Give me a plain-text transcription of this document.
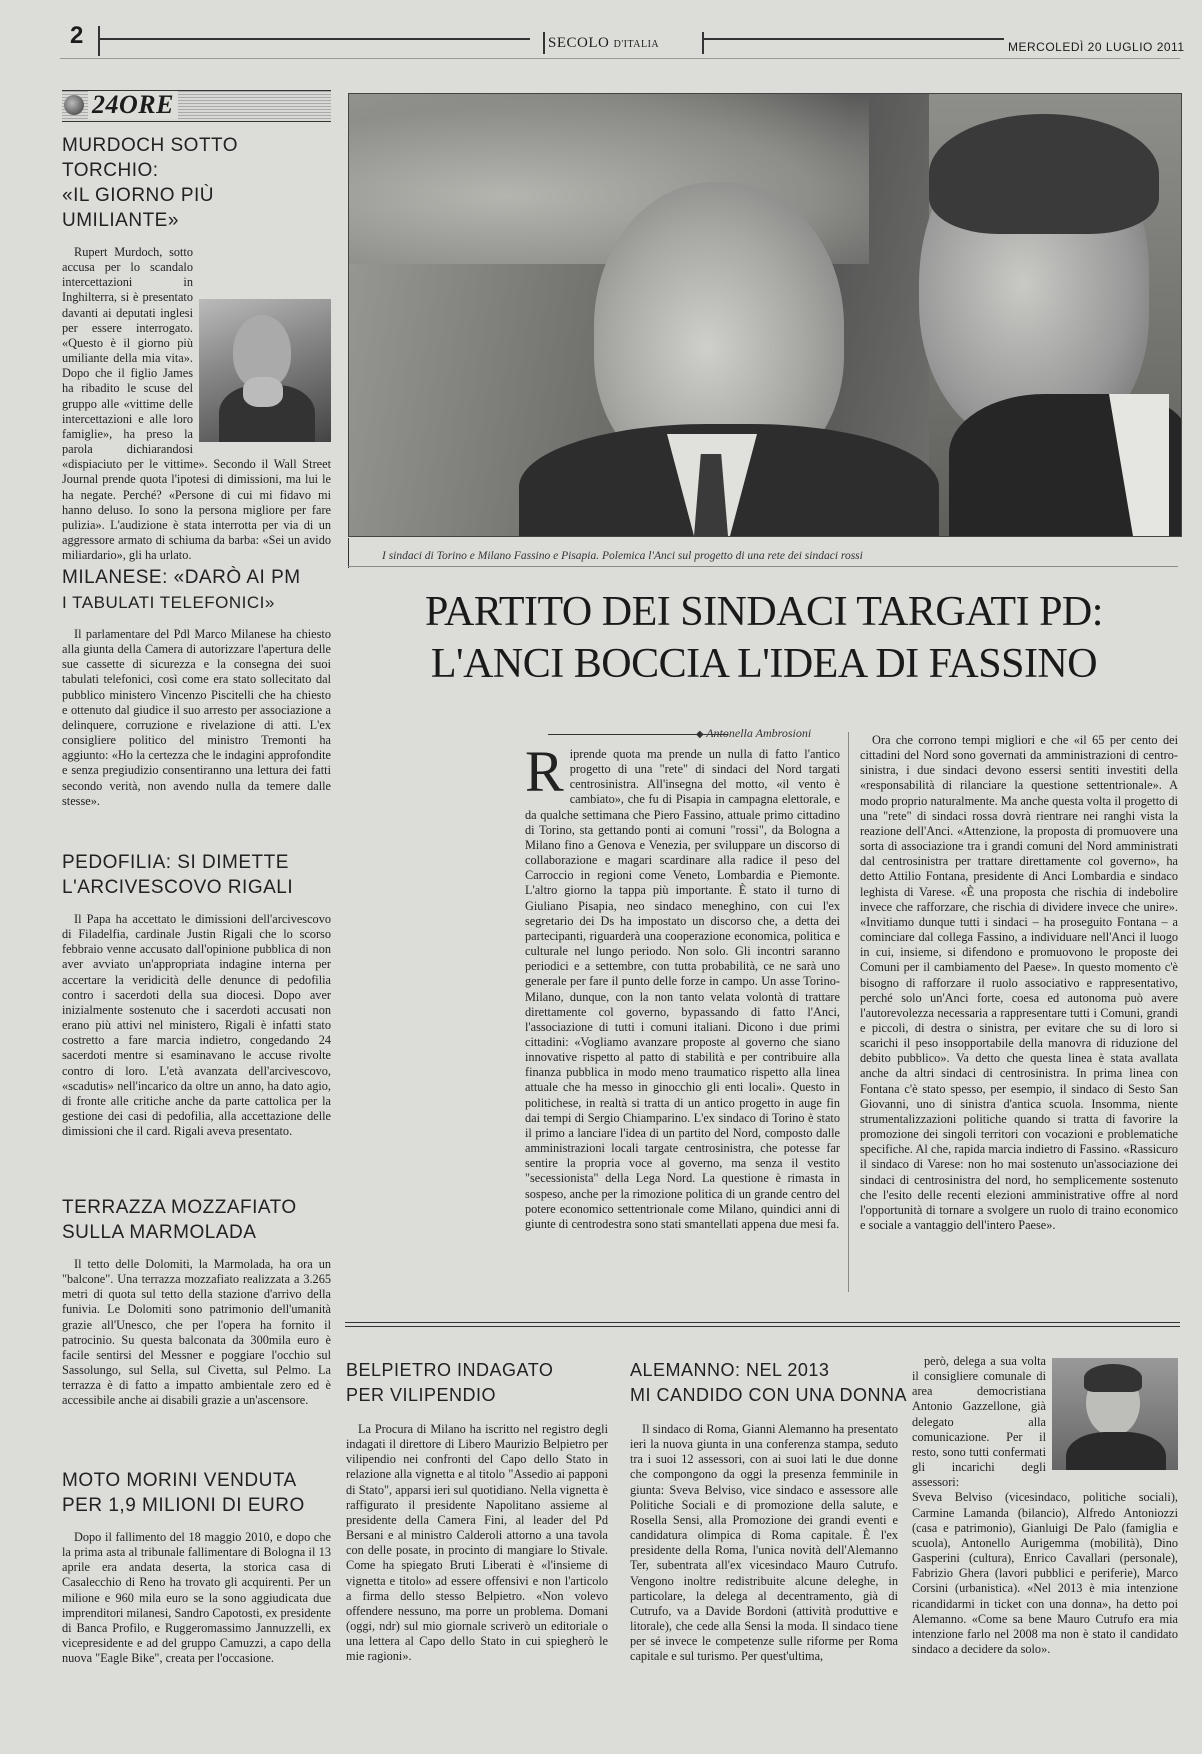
2	SECOLO D'ITALIA	MERCOLEDÌ 20 LUGLIO 2011
24ORE

MURDOCH SOTTO TORCHIO:
«IL GIORNO PIÙ UMILIANTE»

Rupert Murdoch, sotto accusa per lo scandalo intercettazioni in Inghilterra, si è presentato davanti ai deputati inglesi per essere interrogato. «Questo è il giorno più umiliante della mia vita». Dopo che il figlio James ha ribadito le scuse del gruppo alle «vittime delle intercettazioni e alle loro famiglie», ha preso la parola dichiarandosi «dispiaciuto per le vittime». Secondo il Wall Street Journal prende quota l'ipotesi di dimissioni, ma lui le ha negate. Perché? «Persone di cui mi fidavo mi hanno deluso. Io sono la persona migliore per fare pulizia». L'audizione è stata interrotta per via di un aggressore armato di schiuma da barba: «Sei un avido miliardario», gli ha urlato.

MILANESE: «DARÒ AI PM
I TABULATI TELEFONICI»

Il parlamentare del Pdl Marco Milanese ha chiesto alla giunta della Camera di autorizzare l'apertura delle sue cassette di sicurezza e la consegna dei suoi tabulati telefonici, così come era stato sollecitato dal pubblico ministero Vincenzo Piscitelli che ha chiesto e ottenuto dal giudice il suo arresto per associazione a delinquere, corruzione e rivelazione di atti. L'ex consigliere politico del ministro Tremonti ha aggiunto: «Ho la certezza che le indagini approfondite e senza pregiudizio consentiranno una lettura dei fatti secondo verità, non avendo nulla da temere dalle stesse».

PEDOFILIA: SI DIMETTE
L'ARCIVESCOVO RIGALI

Il Papa ha accettato le dimissioni dell'arcivescovo di Filadelfia, cardinale Justin Rigali che lo scorso febbraio venne accusato dall'opinione pubblica di non aver avviato un'appropriata indagine interna per accertare la veridicità delle denunce di pedofilia contro i sacerdoti della sua diocesi. Dopo aver inizialmente sostenuto che i sacerdoti accusati non erano più attivi nel ministero, Rigali è infatti stato costretto a fare marcia indietro, congedando 24 sacerdoti mentre si esaminavano le accuse rivolte contro di loro. L'età avanzata dell'arcivescovo, «scadutis» nell'incarico da oltre un anno, ha dato agio, di fronte alle critiche anche da parte cattolica per la gestione dei casi di pedofilia, alla accettazione delle dimissioni che il card. Rigali aveva presentato.

TERRAZZA MOZZAFIATO
SULLA MARMOLADA

Il tetto delle Dolomiti, la Marmolada, ha ora un "balcone". Una terrazza mozzafiato realizzata a 3.265 metri di quota sul tetto della stazione d'arrivo della funivia. Le Dolomiti sono patrimonio dell'umanità grazie all'Unesco, che per l'opera ha fornito il patrocinio. Su questa balconata da 300mila euro è facile sentirsi del Messner e poggiare l'occhio sul Sassolungo, sul Sella, sul Civetta, sul Pelmo. La terrazza è di fatto a impatto ambientale zero ed è accessibile anche ai disabili grazie a un'ascensore.

MOTO MORINI VENDUTA
PER 1,9 MILIONI DI EURO

Dopo il fallimento del 18 maggio 2010, e dopo che la prima asta al tribunale fallimentare di Bologna il 13 aprile era andata deserta, la storica casa di Casalecchio di Reno ha trovato gli acquirenti. Per un milione e 960 mila euro se la sono aggiudicata due imprenditori milanesi, Sandro Capotosti, ex presidente di Banca Profilo, e Ruggeromassimo Jannuzzelli, ex vicepresidente e ad del gruppo Camuzzi, a capo della nuova "Eagle Bike", creata per l'occasione.

I sindaci di Torino e Milano Fassino e Pisapia. Polemica l'Anci sul progetto di una rete dei sindaci rossi
PARTITO DEI SINDACI TARGATI PD:
L'ANCI BOCCIA L'IDEA DI FASSINO
◆ Antonella Ambrosioni

Riprende quota ma prende un nulla di fatto l'antico progetto di una "rete" di sindaci del Nord targati centrosinistra. All'insegna del motto, «il vento è cambiato», che fu di Pisapia in campagna elettorale, e da qualche settimana che Piero Fassino, attuale primo cittadino di Torino, sta gettando ponti ai comuni "rossi", da Bologna a Milano fino a Genova e Venezia, per sviluppare un discorso di collaborazione e magari scardinare alla radice il peso del Carroccio in regioni come Veneto, Lombardia e Piemonte. L'altro giorno la tappa più importante. È stato il turno di Giuliano Pisapia, neo sindaco meneghino, con cui l'ex segretario dei Ds ha impostato un discorso che, a detta dei partecipanti, riguarderà una cooperazione economica, politica e culturale nel lungo periodo. Non solo. Gli incontri saranno periodici e a settembre, con tutta probabilità, ce ne sarà uno generale per fare il punto delle forze in campo. Un asse Torino-Milano, dunque, con la non tanto velata volontà di trattare direttamente col governo, bypassando di fatto l'Anci, l'associazione di tutti i comuni italiani. Dicono i due primi cittadini: «Vogliamo avanzare proposte al governo che siano innovative rispetto al patto di stabilità e per contribuire alla finanza pubblica in modo meno traumatico rispetto alla linea attuale che ha messo in ginocchio gli enti locali». Questo in politichese, in realtà si tratta di un antico progetto in auge fin dai tempi di Sergio Chiamparino. L'ex sindaco di Torino è stato il primo a lanciare l'idea di un partito del Nord, composto dalle amministrazioni locali targate centrosinistra, che potesse far sentire la propria voce al governo, ma senza il vestito "secessionista" della Lega Nord. La questione è rimasta in sospeso, anche per la rimozione politica di un grande centro del potere economico settentrionale come Milano, quindici anni di giunte di centrodestra sono stati smantellati appena due mesi fa.

Ora che corrono tempi migliori e che «il 65 per cento dei cittadini del Nord sono governati da amministrazioni di centro-sinistra, i due sindaci devono essersi sentiti investiti della «responsabilità di rilanciare la questione settentrionale». A modo proprio naturalmente. Ma anche questa volta il progetto di una "rete" di sindaci rossa dovrà rientrare nei ranghi vista la reazione dell'Anci. «Attenzione, la proposta di promuovere una sorta di associazione tra i grandi comuni del Nord amministrati dal centrosinistra per trattare direttamente col governo», ha detto Attilio Fontana, presidente di Anci Lombardia e sindaco leghista di Varese. «È una proposta che rischia di indebolire invece che rafforzare, che rischia di dividere invece che unire». «Invitiamo dunque tutti i sindaci – ha proseguito Fontana – a cominciare dal collega Fassino, a individuare nell'Anci il luogo in cui, insieme, si difendono e promuovono le proposte dei Comuni per il cambiamento del Paese». In questo momento c'è bisogno di rafforzare il ruolo associativo e rappresentativo, perché solo un'Anci forte, coesa ed autonoma può avere l'autorevolezza necessaria a rappresentare tutti i Comuni, grandi e piccoli, di destra o sinistra, per evitare che su di loro si scarichi il peso insopportabile della manovra di riduzione del debito pubblico». Va detto che questa linea è stata avallata anche da altri sindaci di centrosinistra. In prima linea con Fontana c'è stato spesso, per esempio, il sindaco di Sesto San Giovanni, uno di sinistra d'antica scuola. Insomma, niente strumentalizzazioni politiche quando si tratta di favorire la promozione dei singoli territori con vocazioni e problematiche specifiche. Al che, rapida marcia indietro di Fassino. «Rassicuro il sindaco di Varese: non ho mai sostenuto un'associazione dei sindaci di centrosinistra del nord, ho semplicemente sostenuto che l'esito delle recenti elezioni amministrative offre al nord l'opportunità di tornare a svolgere un ruolo di traino economico e sociale a vantaggio dell'intero Paese».

BELPIETRO INDAGATO
PER VILIPENDIO

La Procura di Milano ha iscritto nel registro degli indagati il direttore di Libero Maurizio Belpietro per vilipendio nei confronti del Capo dello Stato in relazione alla vignetta e al titolo "Assedio ai papponi di Stato", apparsi ieri sul quotidiano. Nella vignetta è raffigurato il presidente Napolitano assieme al presidente della Camera Fini, al leader del Pd Bersani e al ministro Calderoli attorno a una tavola con delle posate, in procinto di mangiare lo Stivale. Come ha spiegato Bruti Liberati è «l'insieme di vignetta e titolo» ad essere offensivi e non l'articolo a firma dello stesso Belpietro. «Non volevo offendere nessuno, ma porre un problema. Domani (oggi, ndr) sul mio giornale scriverò un editoriale o una lettera al Capo dello Stato in cui spiegherò le mie ragioni».

ALEMANNO: NEL 2013
MI CANDIDO CON UNA DONNA

Il sindaco di Roma, Gianni Alemanno ha presentato ieri la nuova giunta in una conferenza stampa, seduto tra i suoi 12 assessori, con ai suoi lati le due donne che compongono da oggi la presenza femminile in giunta: Sveva Belviso, vice sindaco e assessore alle Politiche Sociali e di promozione della salute, e Rosella Sensi, alla Promozione dei grandi eventi e candidatura olimpica di Roma capitale. È l'ex presidente della Roma, l'unica novità dell'Alemanno Ter, subentrata all'ex vicesindaco Mauro Cutrufo. Vengono inoltre redistribuite alcune deleghe, in particolare, la delega al decentramento, già di Cutrufo, va a Davide Bordoni (attività produttive e litorale), che cede alla Sensi la moda. Il sindaco tiene per sé invece le competenze sulle riforme per Roma capitale e sul turismo. Per quest'ultima,

però, delega a sua volta il consigliere comunale di area democristiana Antonio Gazzellone, già delegato alla comunicazione. Per il resto, sono tutti confermati gli incarichi degli assessori:

Sveva Belviso (vicesindaco, politiche sociali), Carmine Lamanda (bilancio), Alfredo Antoniozzi (casa e patrimonio), Gianluigi De Palo (famiglia e scuola), Antonello Aurigemma (mobilità), Dino Gasperini (cultura), Enrico Cavallari (personale), Fabrizio Ghera (lavori pubblici e periferie), Marco Corsini (urbanistica). «Nel 2013 è mia intenzione ricandidarmi in ticket con una donna», ha detto poi Alemanno. «Come sa bene Mauro Cutrufo era mia intenzione farlo nel 2008 ma non è stato il candidato sindaco a decidere da solo».
